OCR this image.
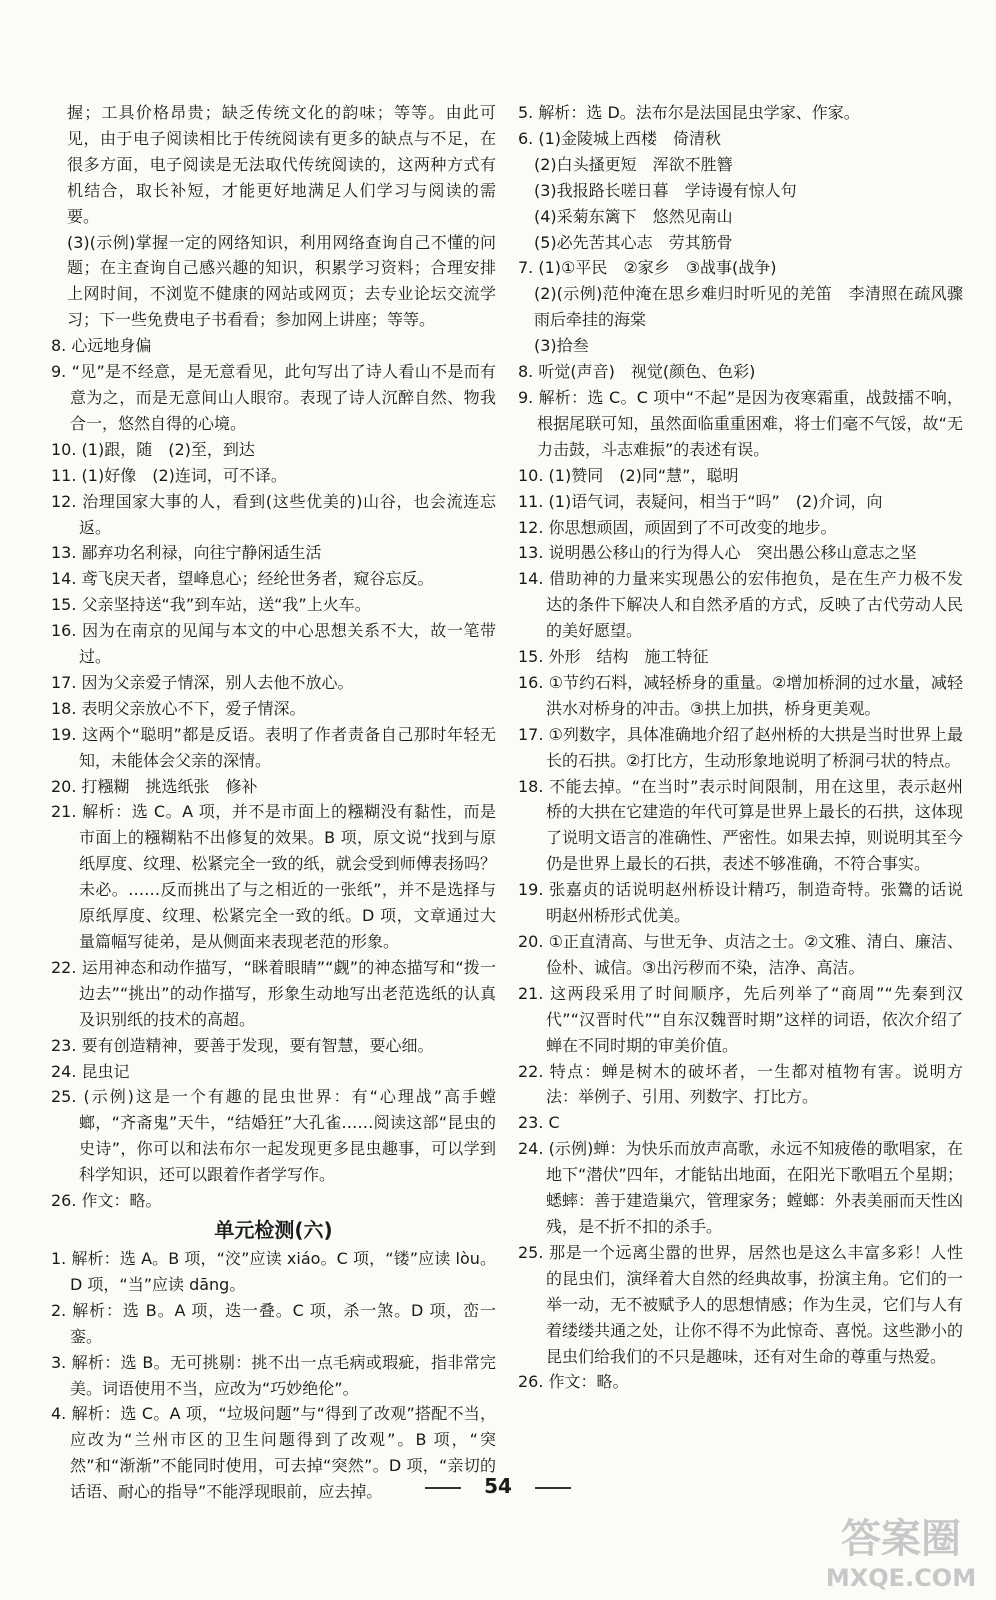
握；工具价格昂贵；缺乏传统文化的韵味；等等。由此可见，由于电子阅读相比于传统阅读有更多的缺点与不足，在很多方面，电子阅读是无法取代传统阅读的，这两种方式有机结合，取长补短，才能更好地满足人们学习与阅读的需要。

(3)(示例)掌握一定的网络知识，利用网络查询自己不懂的问题；在主查询自己感兴趣的知识，积累学习资料；合理安排上网时间，不浏览不健康的网站或网页；去专业论坛交流学习；下一些免费电子书看看；参加网上讲座；等等。

8. 心远地身偏

9. “见”是不经意，是无意看见，此句写出了诗人看山不是而有意为之，而是无意间山人眼帘。表现了诗人沉醉自然、物我合一，悠然自得的心境。

10. (1)跟，随　(2)至，到达

11. (1)好像　(2)连词，可不译。

12. 治理国家大事的人，看到(这些优美的)山谷，也会流连忘返。

13. 鄙弃功名利禄，向往宁静闲适生活

14. 鸢飞戾天者，望峰息心；经纶世务者，窥谷忘反。

15. 父亲坚持送“我”到车站，送“我”上火车。

16. 因为在南京的见闻与本文的中心思想关系不大，故一笔带过。

17. 因为父亲爱子情深，别人去他不放心。

18. 表明父亲放心不下，爱子情深。

19. 这两个“聪明”都是反语。表明了作者责备自己那时年轻无知，未能体会父亲的深情。

20. 打糨糊　挑选纸张　修补

21. 解析：选 C。A 项，并不是市面上的糨糊没有黏性，而是市面上的糨糊粘不出修复的效果。B 项，原文说“找到与原纸厚度、纹理、松紧完全一致的纸，就会受到师傅表扬吗？未必。……反而挑出了与之相近的一张纸”，并不是选择与原纸厚度、纹理、松紧完全一致的纸。D 项，文章通过大量篇幅写徒弟，是从侧面来表现老范的形象。

22. 运用神态和动作描写，“眯着眼睛”“觑”的神态描写和“拨一边去”“挑出”的动作描写，形象生动地写出老范选纸的认真及识别纸的技术的高超。

23. 要有创造精神，要善于发现，要有智慧，要心细。

24. 昆虫记

25. (示例)这是一个有趣的昆虫世界：有“心理战”高手螳螂，“齐斋鬼”天牛，“结婚狂”大孔雀……阅读这部“昆虫的史诗”，你可以和法布尔一起发现更多昆虫趣事，可以学到科学知识，还可以跟着作者学写作。

26. 作文：略。

单元检测(六)

1. 解析：选 A。B 项，“洨”应读 xiáo。C 项，“镂”应读 lòu。D 项，“当”应读 dāng。

2. 解析：选 B。A 项，迭一叠。C 项，杀一煞。D 项，峦一銮。

3. 解析：选 B。无可挑剔：挑不出一点毛病或瑕疵，指非常完美。词语使用不当，应改为“巧妙绝伦”。

4. 解析：选 C。A 项，“垃圾问题”与“得到了改观”搭配不当，应改为“兰州市区的卫生问题得到了改观”。B 项，“突然”和“渐渐”不能同时使用，可去掉“突然”。D 项，“亲切的话语、耐心的指导”不能浮现眼前，应去掉。

5. 解析：选 D。法布尔是法国昆虫学家、作家。

6. (1)金陵城上西楼　倚清秋

(2)白头搔更短　浑欲不胜簪

(3)我报路长嗟日暮　学诗谩有惊人句

(4)采菊东篱下　悠然见南山

(5)必先苦其心志　劳其筋骨

7. (1)①平民　②家乡　③战事(战争)

(2)(示例)范仲淹在思乡难归时听见的羌笛　李清照在疏风骤雨后牵挂的海棠

(3)拾叁

8. 听觉(声音)　视觉(颜色、色彩)

9. 解析：选 C。C 项中“不起”是因为夜寒霜重，战鼓擂不响，根据尾联可知，虽然面临重重困难，将士们毫不气馁，故“无力击鼓，斗志难振”的表述有误。

10. (1)赞同　(2)同“慧”，聪明

11. (1)语气词，表疑问，相当于“吗”　(2)介词，向

12. 你思想顽固，顽固到了不可改变的地步。

13. 说明愚公移山的行为得人心　突出愚公移山意志之坚

14. 借助神的力量来实现愚公的宏伟抱负，是在生产力极不发达的条件下解决人和自然矛盾的方式，反映了古代劳动人民的美好愿望。

15. 外形　结构　施工特征

16. ①节约石料，减轻桥身的重量。②增加桥洞的过水量，减轻洪水对桥身的冲击。③拱上加拱，桥身更美观。

17. ①列数字，具体准确地介绍了赵州桥的大拱是当时世界上最长的石拱。②打比方，生动形象地说明了桥洞弓状的特点。

18. 不能去掉。“在当时”表示时间限制，用在这里，表示赵州桥的大拱在它建造的年代可算是世界上最长的石拱，这体现了说明文语言的准确性、严密性。如果去掉，则说明其至今仍是世界上最长的石拱，表述不够准确，不符合事实。

19. 张嘉贞的话说明赵州桥设计精巧，制造奇特。张鷟的话说明赵州桥形式优美。

20. ①正直清高、与世无争、贞洁之士。②文雅、清白、廉洁、俭朴、诚信。③出污秽而不染，洁净、高洁。

21. 这两段采用了时间顺序，先后列举了“商周”“先秦到汉代”“汉晋时代”“自东汉魏晋时期”这样的词语，依次介绍了蝉在不同时期的审美价值。

22. 特点：蝉是树木的破坏者，一生都对植物有害。说明方法：举例子、引用、列数字、打比方。

23. C

24. (示例)蝉：为快乐而放声高歌，永远不知疲倦的歌唱家，在地下“潜伏”四年，才能钻出地面，在阳光下歌唱五个星期；蟋蟀：善于建造巢穴，管理家务；螳螂：外表美丽而天性凶残，是不折不扣的杀手。

25. 那是一个远离尘嚣的世界，居然也是这么丰富多彩！人性的昆虫们，演绎着大自然的经典故事，扮演主角。它们的一举一动，无不被赋予人的思想情感；作为生灵，它们与人有着缕缕共通之处，让你不得不为此惊奇、喜悦。这些渺小的昆虫们给我们的不只是趣味，还有对生命的尊重与热爱。

26. 作文：略。

54
答案圈
MXQE.COM
